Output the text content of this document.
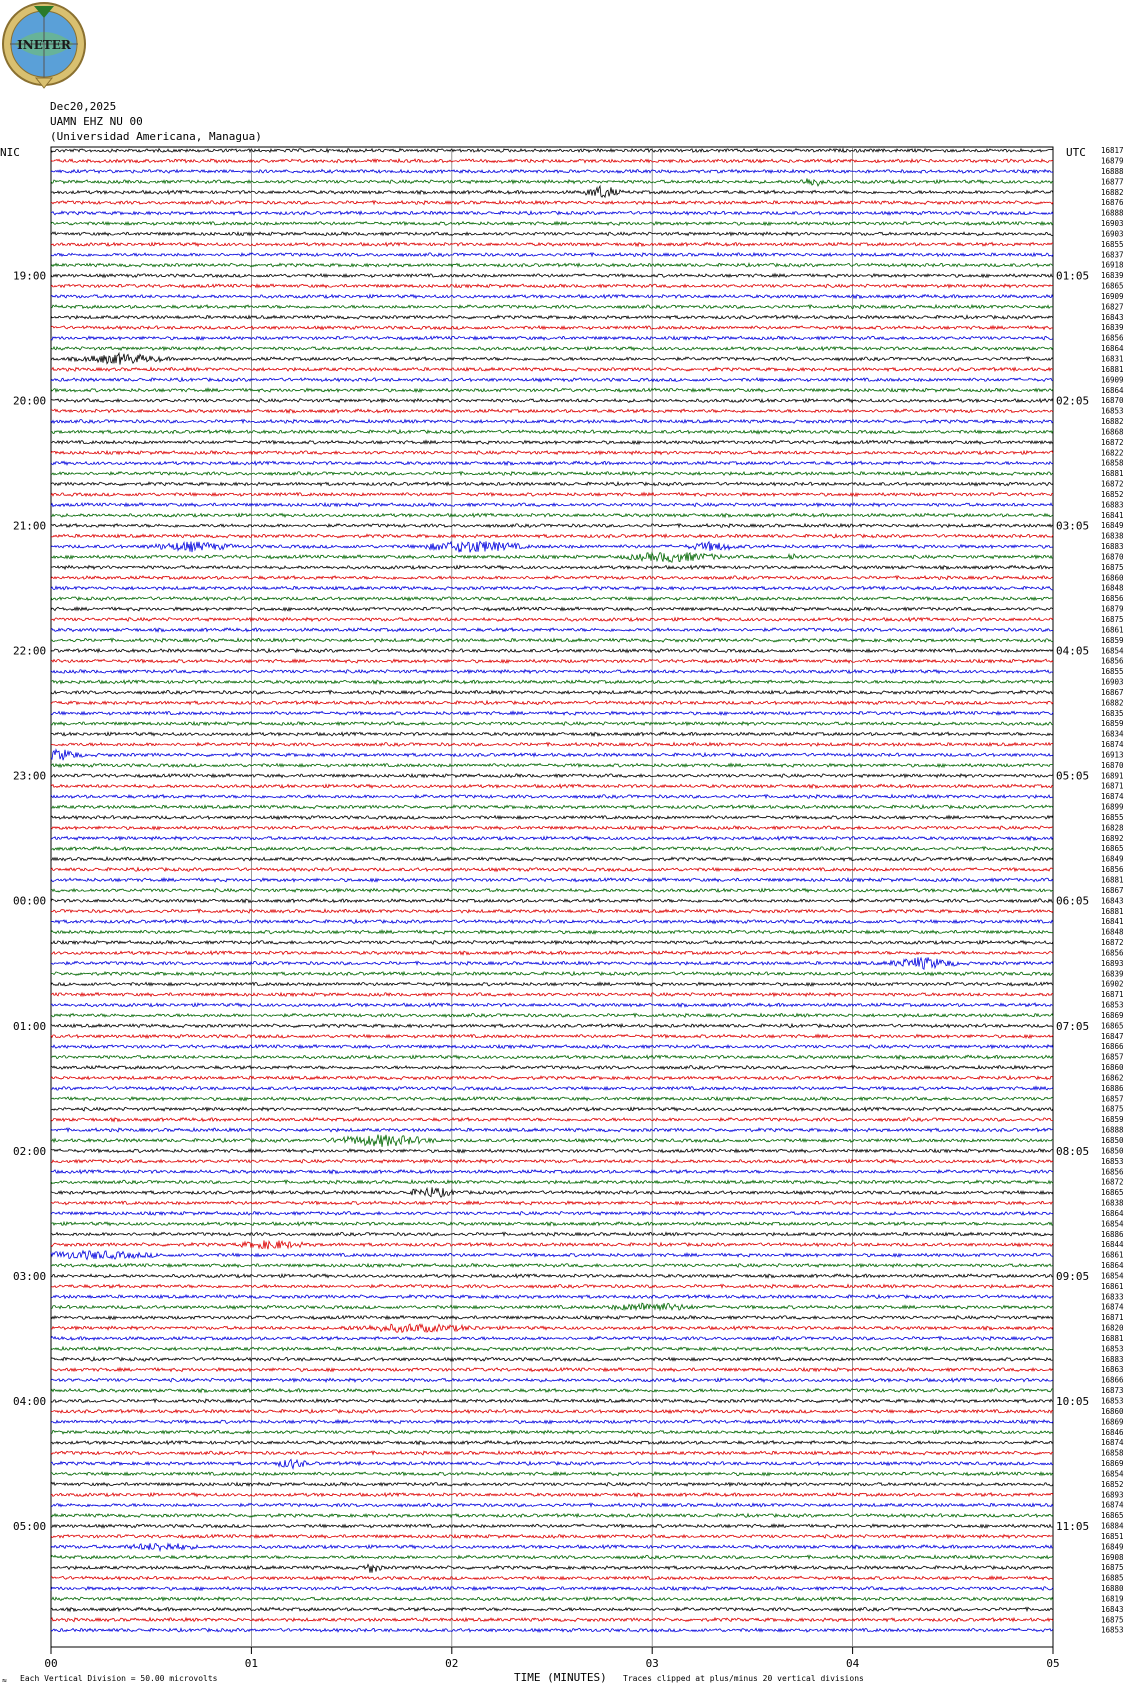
INETER
Dec20,2025
UAMN EHZ NU 00
(Universidad Americana, Managua)
NIC	UTC
19:00	01:05
20:00	02:05
21:00	03:05
22:00	04:05
23:00	05:05
00:00	06:05
01:00	07:05
02:00	08:05
03:00	09:05
04:00	10:05
05:00	11:05
16817
16879
16888
16877
16882
16876
16888
16903
16903
16855
16837
16918
16839
16865
16909
16827
16843
16839
16856
16864
16831
16881
16909
16864
16870
16853
16882
16868
16872
16822
16858
16881
16872
16852
16883
16841
16849
16838
16883
16870
16875
16860
16848
16856
16879
16875
16861
16859
16854
16856
16855
16903
16867
16882
16835
16859
16834
16874
16913
16870
16891
16871
16874
16899
16855
16828
16892
16865
16849
16856
16881
16867
16843
16881
16841
16848
16872
16856
16893
16839
16902
16871
16853
16869
16865
16847
16866
16857
16860
16862
16886
16857
16875
16859
16888
16850
16850
16853
16856
16872
16865
16838
16864
16854
16886
16844
16861
16864
16854
16861
16833
16874
16871
16820
16881
16853
16883
16863
16866
16873
16853
16860
16869
16846
16874
16858
16869
16854
16852
16893
16874
16865
16884
16851
16849
16908
16875
16885
16880
16819
16843
16875
16853
00	01	02	03	04	05
≈ Each Vertical Division = 50.00 microvolts	TIME (MINUTES) Traces clipped at plus/minus 20 vertical divisions
